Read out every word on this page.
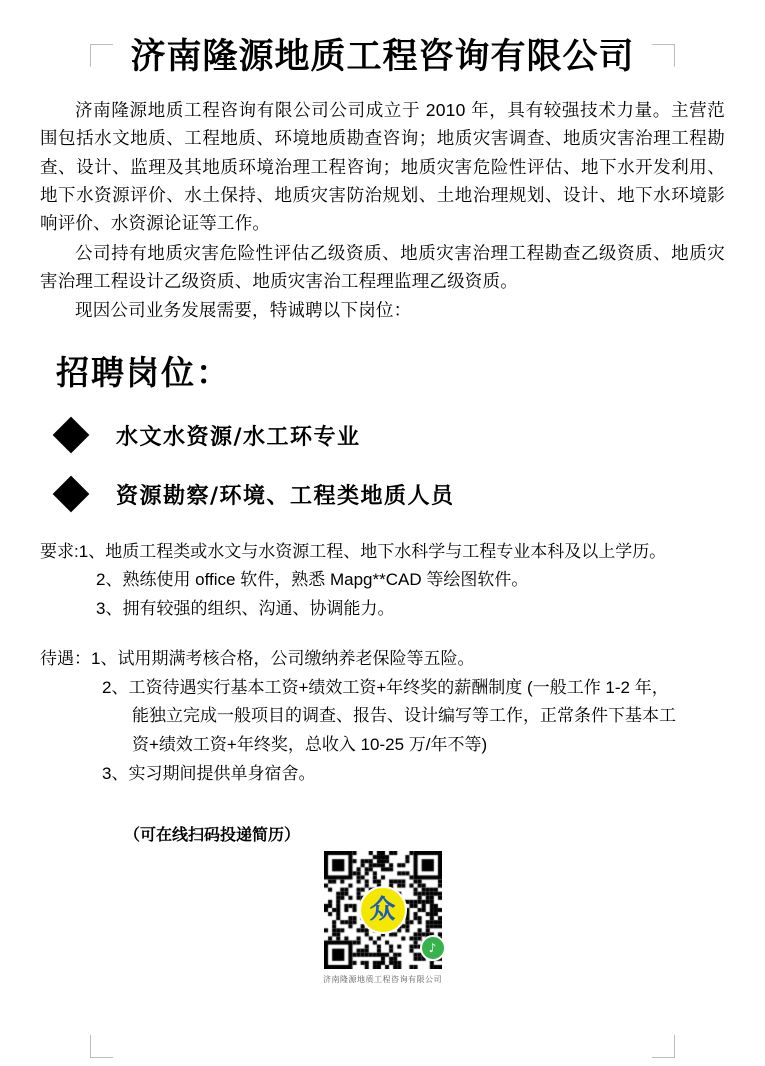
济南隆源地质工程咨询有限公司

济南隆源地质工程咨询有限公司公司成立于 2010 年，具有较强技术力量。主营范围包括水文地质、工程地质、环境地质勘查咨询；地质灾害调查、地质灾害治理工程勘查、设计、监理及其地质环境治理工程咨询；地质灾害危险性评估、地下水开发利用、地下水资源评价、水土保持、地质灾害防治规划、土地治理规划、设计、地下水环境影响评价、水资源论证等工作。

公司持有地质灾害危险性评估乙级资质、地质灾害治理工程勘查乙级资质、地质灾害治理工程设计乙级资质、地质灾害治工程理监理乙级资质。

现因公司业务发展需要，特诚聘以下岗位：

招聘岗位：
水文水资源/水工环专业
资源勘察/环境、工程类地质人员
要求: 1、地质工程类或水文与水资源工程、地下水科学与工程专业本科及以上学历。
2、熟练使用 office 软件，熟悉 Mapg**CAD 等绘图软件。
3、拥有较强的组织、沟通、协调能力。
待遇： 1、试用期满考核合格，公司缴纳养老保险等五险。
2、工资待遇实行基本工资+绩效工资+年终奖的薪酬制度 (一般工作 1-2 年，
能独立完成一般项目的调查、报告、设计编写等工作，正常条件下基本工
资+绩效工资+年终奖，总收入 10-25 万/年不等)
3、实习期间提供单身宿舍。
（可在线扫码投递简历）
众
♪
济南隆源地质工程咨询有限公司
